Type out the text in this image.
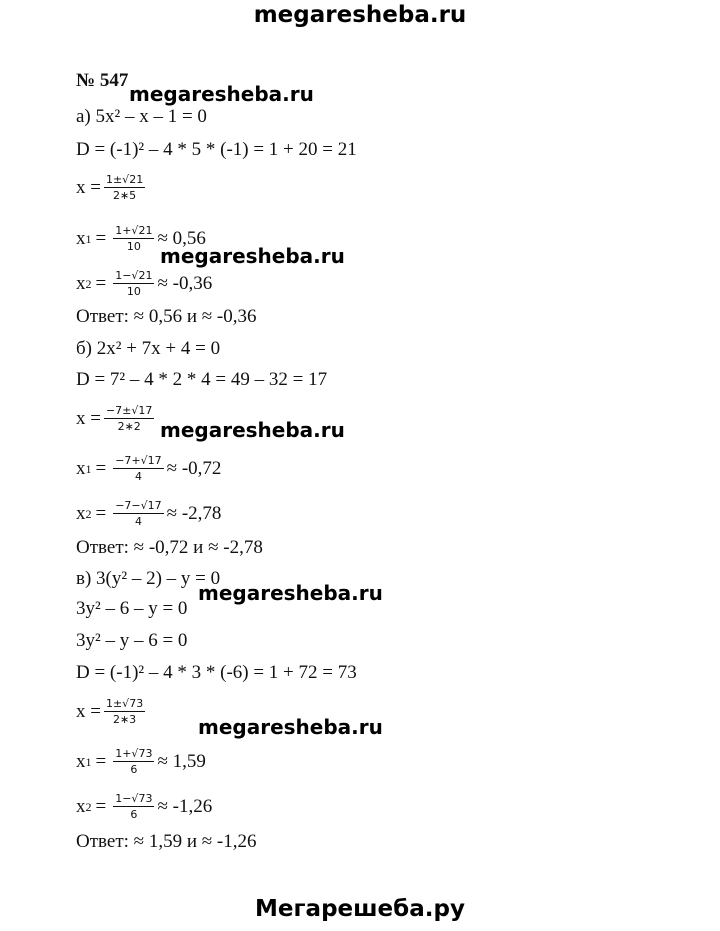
megaresheba.ru
megaresheba.ru
megaresheba.ru
megaresheba.ru
megaresheba.ru
megaresheba.ru
Мегарешеба.ру
№ 547
а) 5x² – x – 1 = 0
D = (-1)² – 4 * 5 * (-1) = 1 + 20 = 21
$x = \frac{1\pm√21}{2∗5}$
x $1 = \frac{1+√21}{10} \approx 0,56$
x $2 = \frac{1-√21}{10} \approx -0,36$
Ответ: ≈ 0,56 и ≈ -0,36
б) 2x² + 7x + 4 = 0
D = 7² – 4 * 2 * 4 = 49 – 32 = 17
$x = \frac{-7\pm√17}{2∗2}$
x $1 = \frac{-7+√17}{4} \approx -0,72$
x $2 = \frac{-7-√17}{4} \approx -2,78$
Ответ: ≈ -0,72 и ≈ -2,78
в) 3(y² – 2) – y = 0
3y² – 6 – y = 0
3y² – y – 6 = 0
D = (-1)² – 4 * 3 * (-6) = 1 + 72 = 73
$x = \frac{1\pm√73}{2∗3}$
x $1 = \frac{1+√73}{6} \approx 1,59$
x $2 = \frac{1-√73}{6} \approx -1,26$
Ответ: ≈ 1,59 и ≈ -1,26
